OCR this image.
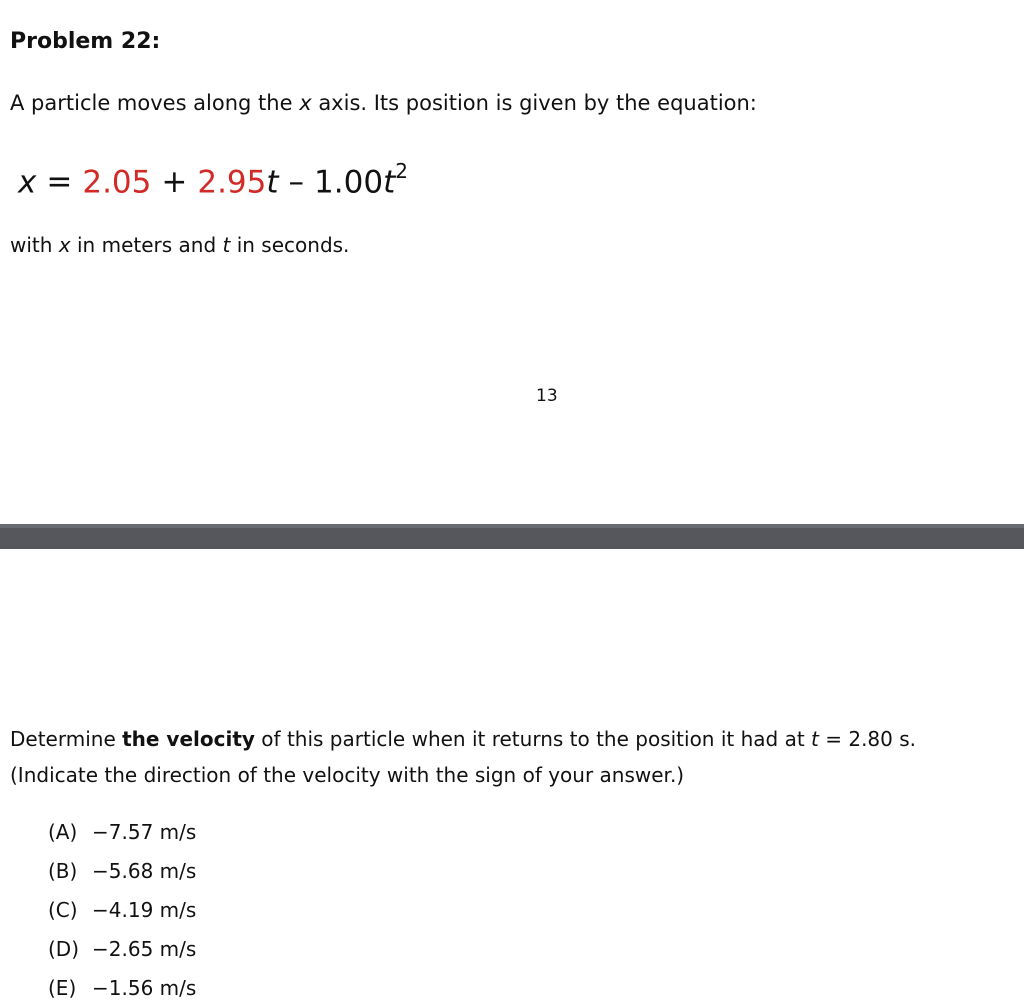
Problem 22:
A particle moves along the x axis. Its position is given by the equation:
$x = 2.05 + 2.95t - 1.00t^2$
with x in meters and t in seconds.
13
Determine the velocity of this particle when it returns to the position it had at t = 2.80 s.
(Indicate the direction of the velocity with the sign of your answer.)
(A) −7.57 m/s
(B) −5.68 m/s
(C) −4.19 m/s
(D) −2.65 m/s
(E) −1.56 m/s
